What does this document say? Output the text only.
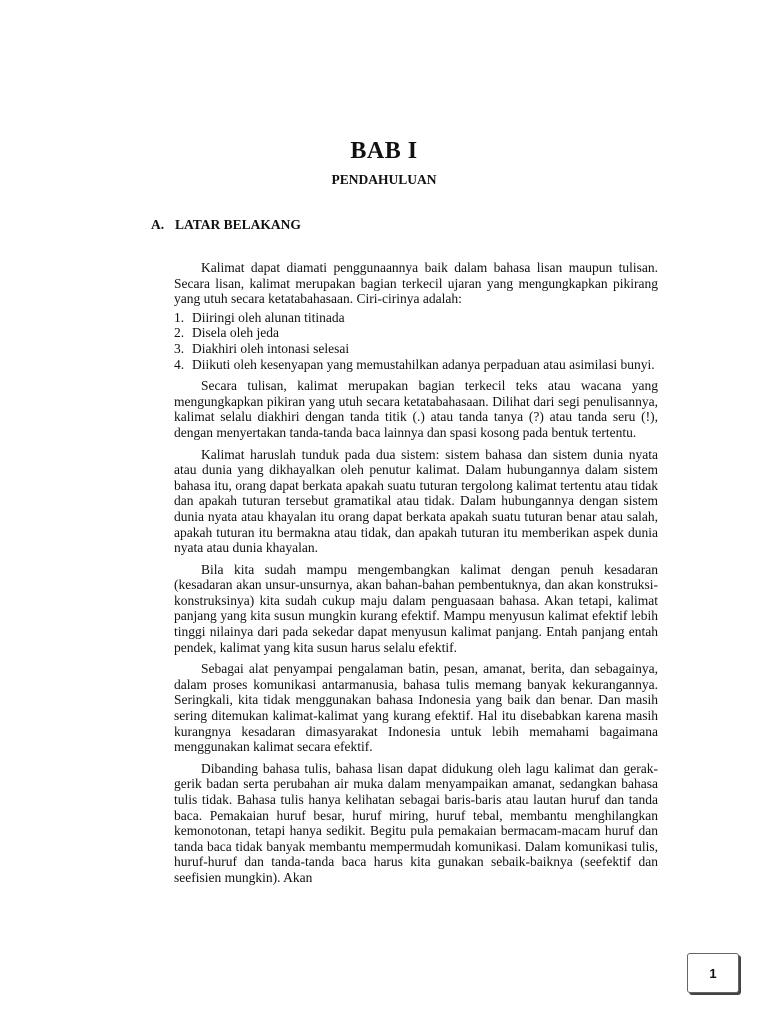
BAB I
PENDAHULUAN
A. LATAR BELAKANG

Kalimat dapat diamati penggunaannya baik dalam bahasa lisan maupun tulisan. Secara lisan, kalimat merupakan bagian terkecil ujaran yang mengungkapkan pikirang yang utuh secara ketatabahasaan. Ciri-cirinya adalah:

1. Diiringi oleh alunan titinada
2. Disela oleh jeda
3. Diakhiri oleh intonasi selesai
4. Diikuti oleh kesenyapan yang memustahilkan adanya perpaduan atau asimilasi bunyi.

Secara tulisan, kalimat merupakan bagian terkecil teks atau wacana yang mengungkapkan pikiran yang utuh secara ketatabahasaan. Dilihat dari segi penulisannya, kalimat selalu diakhiri dengan tanda titik (.) atau tanda tanya (?) atau tanda seru (!), dengan menyertakan tanda-tanda baca lainnya dan spasi kosong pada bentuk tertentu.

Kalimat haruslah tunduk pada dua sistem: sistem bahasa dan sistem dunia nyata atau dunia yang dikhayalkan oleh penutur kalimat. Dalam hubungannya dalam sistem bahasa itu, orang dapat berkata apakah suatu tuturan tergolong kalimat tertentu atau tidak dan apakah tuturan tersebut gramatikal atau tidak. Dalam hubungannya dengan sistem dunia nyata atau khayalan itu orang dapat berkata apakah suatu tuturan benar atau salah, apakah tuturan itu bermakna atau tidak, dan apakah tuturan itu memberikan aspek dunia nyata atau dunia khayalan.

Bila kita sudah mampu mengembangkan kalimat dengan penuh kesadaran (kesadaran akan unsur-unsurnya, akan bahan-bahan pembentuknya, dan akan konstruksi-konstruksinya) kita sudah cukup maju dalam penguasaan bahasa. Akan tetapi, kalimat panjang yang kita susun mungkin kurang efektif. Mampu menyusun kalimat efektif lebih tinggi nilainya dari pada sekedar dapat menyusun kalimat panjang. Entah panjang entah pendek, kalimat yang kita susun harus selalu efektif.

Sebagai alat penyampai pengalaman batin, pesan, amanat, berita, dan sebagainya, dalam proses komunikasi antarmanusia, bahasa tulis memang banyak kekurangannya. Seringkali, kita tidak menggunakan bahasa Indonesia yang baik dan benar. Dan masih sering ditemukan kalimat-kalimat yang kurang efektif. Hal itu disebabkan karena masih kurangnya kesadaran dimasyarakat Indonesia untuk lebih memahami bagaimana menggunakan kalimat secara efektif.

Dibanding bahasa tulis, bahasa lisan dapat didukung oleh lagu kalimat dan gerak-gerik badan serta perubahan air muka dalam menyampaikan amanat, sedangkan bahasa tulis tidak. Bahasa tulis hanya kelihatan sebagai baris-baris atau lautan huruf dan tanda baca. Pemakaian huruf besar, huruf miring, huruf tebal, membantu menghilangkan kemonotonan, tetapi hanya sedikit. Begitu pula pemakaian bermacam-macam huruf dan tanda baca tidak banyak membantu mempermudah komunikasi. Dalam komunikasi tulis, huruf-huruf dan tanda-tanda baca harus kita gunakan sebaik-baiknya (seefektif dan seefisien mungkin). Akan

1
